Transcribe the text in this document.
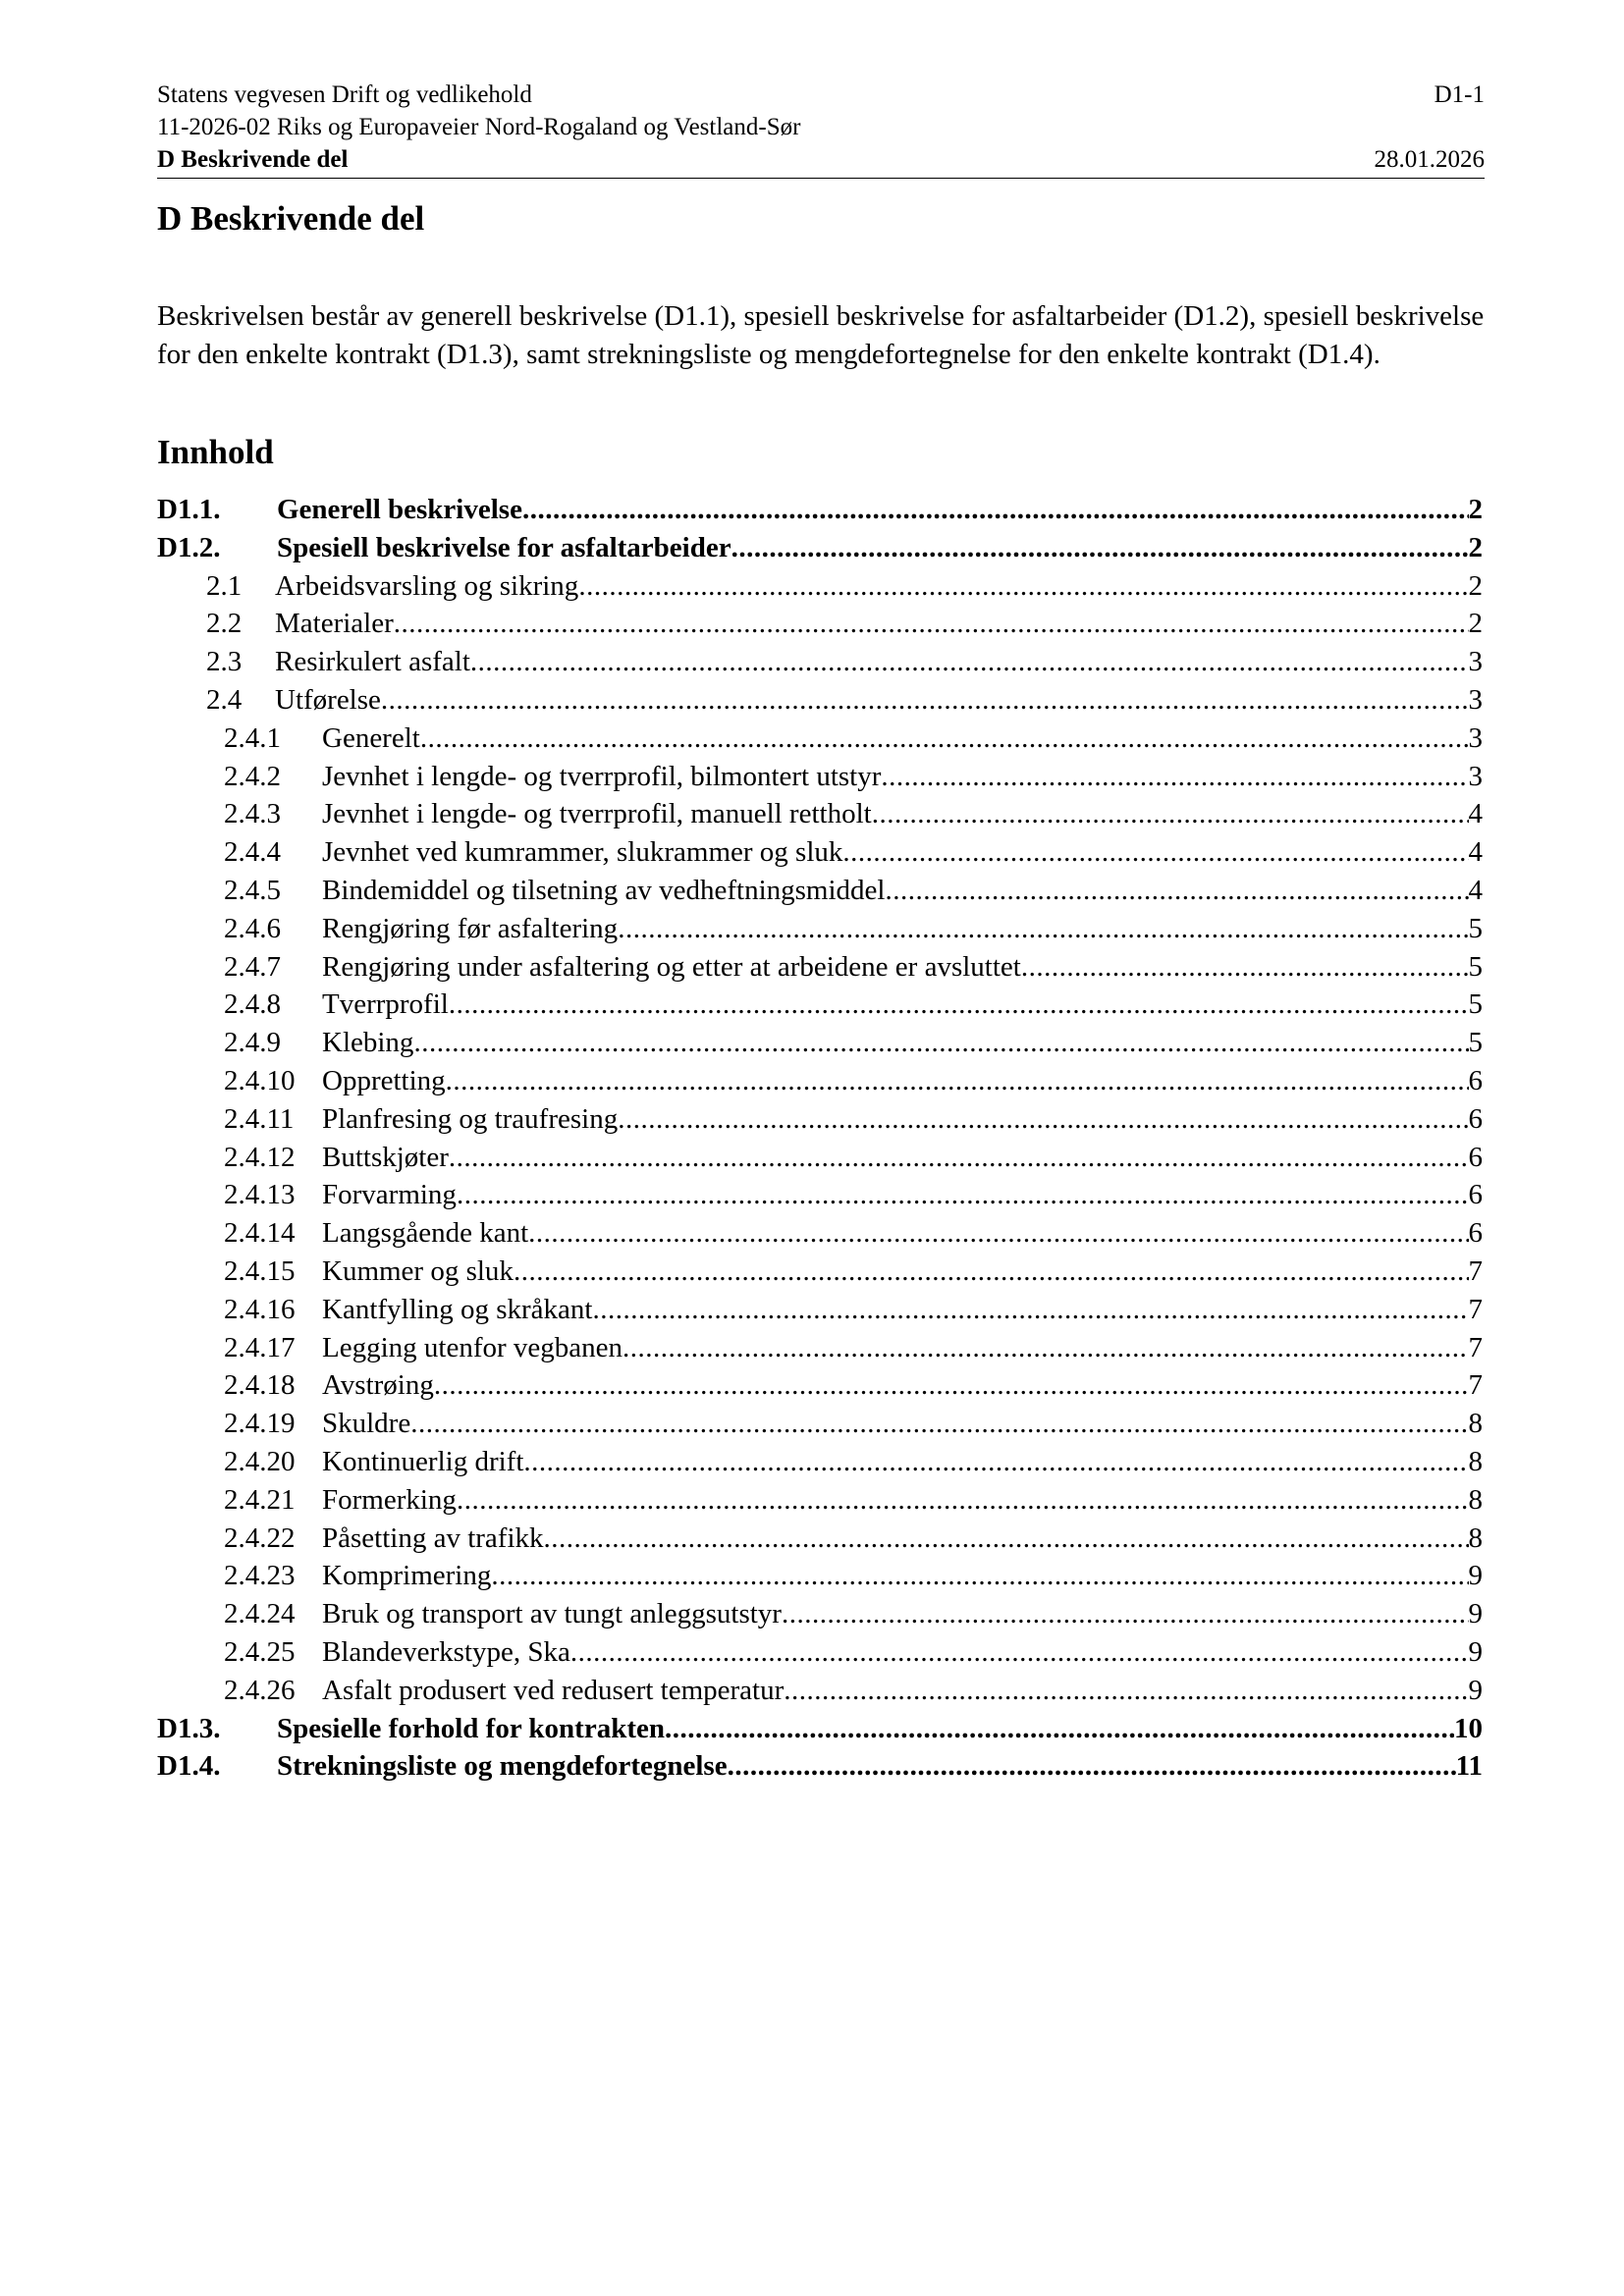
Statens vegvesen Drift og vedlikehold	D1-1
11-2026-02 Riks og Europaveier Nord-Rogaland og Vestland-Sør
D Beskrivende del	28.01.2026
D Beskrivende del

Beskrivelsen består av generell beskrivelse (D1.1), spesiell beskrivelse for asfaltarbeider (D1.2), spesiell beskrivelse for den enkelte kontrakt (D1.3), samt strekningsliste og mengdefortegnelse for den enkelte kontrakt (D1.4).

Innhold
D1.1.	Generell beskrivelse .....	2
D1.2.	Spesiell beskrivelse for asfaltarbeider .....	2
2.1	Arbeidsvarsling og sikring .....	2
2.2	Materialer .....	2
2.3	Resirkulert asfalt .....	3
2.4	Utførelse .....	3
2.4.1	Generelt .....	3
2.4.2	Jevnhet i lengde- og tverrprofil, bilmontert utstyr .....	3
2.4.3	Jevnhet i lengde- og tverrprofil, manuell rettholt .....	4
2.4.4	Jevnhet ved kumrammer, slukrammer og sluk .....	4
2.4.5	Bindemiddel og tilsetning av vedheftningsmiddel .....	4
2.4.6	Rengjøring før asfaltering .....	5
2.4.7	Rengjøring under asfaltering og etter at arbeidene er avsluttet .....	5
2.4.8	Tverrprofil .....	5
2.4.9	Klebing .....	5
2.4.10 Oppretting .....	6
2.4.11 Planfresing og traufresing .....	6
2.4.12 Buttskjøter .....	6
2.4.13 Forvarming .....	6
2.4.14 Langsgående kant .....	6
2.4.15 Kummer og sluk .....	7
2.4.16 Kantfylling og skråkant .....	7
2.4.17 Legging utenfor vegbanen .....	7
2.4.18 Avstrøing .....	7
2.4.19 Skuldre .....	8
2.4.20 Kontinuerlig drift .....	8
2.4.21 Formerking .....	8
2.4.22 Påsetting av trafikk .....	8
2.4.23 Komprimering .....	9
2.4.24 Bruk og transport av tungt anleggsutstyr .....	9
2.4.25 Blandeverkstype, Ska .....	9
2.4.26 Asfalt produsert ved redusert temperatur .....	9
D1.3.	Spesielle forhold for kontrakten .....	10
D1.4.	Strekningsliste og mengdefortegnelse .....	11
